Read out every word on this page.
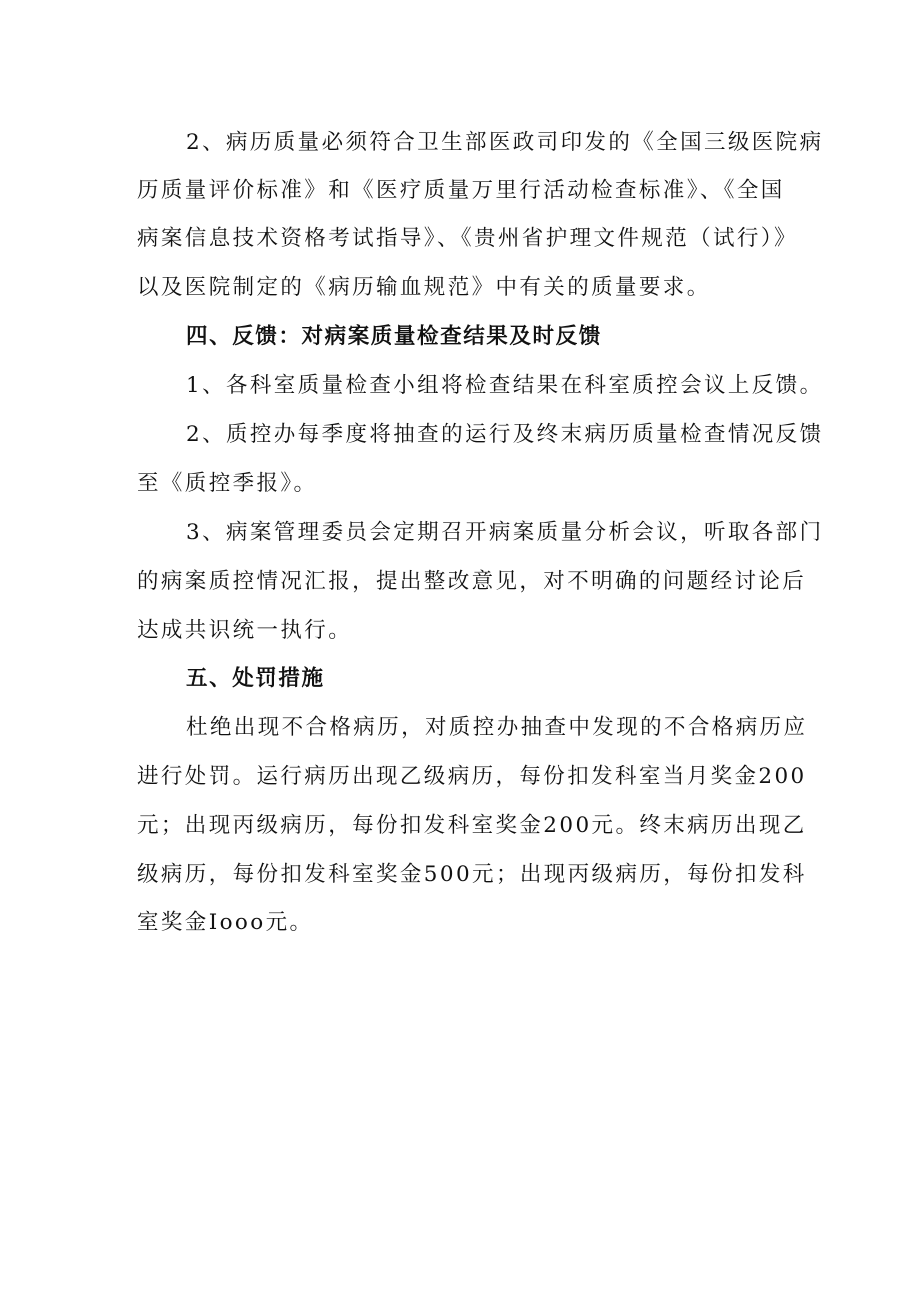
2、病历质量必须符合卫生部医政司印发的《全国三级医院病
历质量评价标准》和《医疗质量万里行活动检查标准》、《全国
病案信息技术资格考试指导》、《贵州省护理文件规范（试行）》
以及医院制定的《病历输血规范》中有关的质量要求。
四、反馈：对病案质量检查结果及时反馈
1、各科室质量检查小组将检查结果在科室质控会议上反馈。
2、质控办每季度将抽查的运行及终末病历质量检查情况反馈
至《质控季报》。
3、病案管理委员会定期召开病案质量分析会议，听取各部门
的病案质控情况汇报，提出整改意见，对不明确的问题经讨论后
达成共识统一执行。
五、处罚措施
杜绝出现不合格病历，对质控办抽查中发现的不合格病历应
进行处罚。运行病历出现乙级病历，每份扣发科室当月奖金200
元；出现丙级病历，每份扣发科室奖金200元。终末病历出现乙
级病历，每份扣发科室奖金500元；出现丙级病历，每份扣发科
室奖金Iooo元。
